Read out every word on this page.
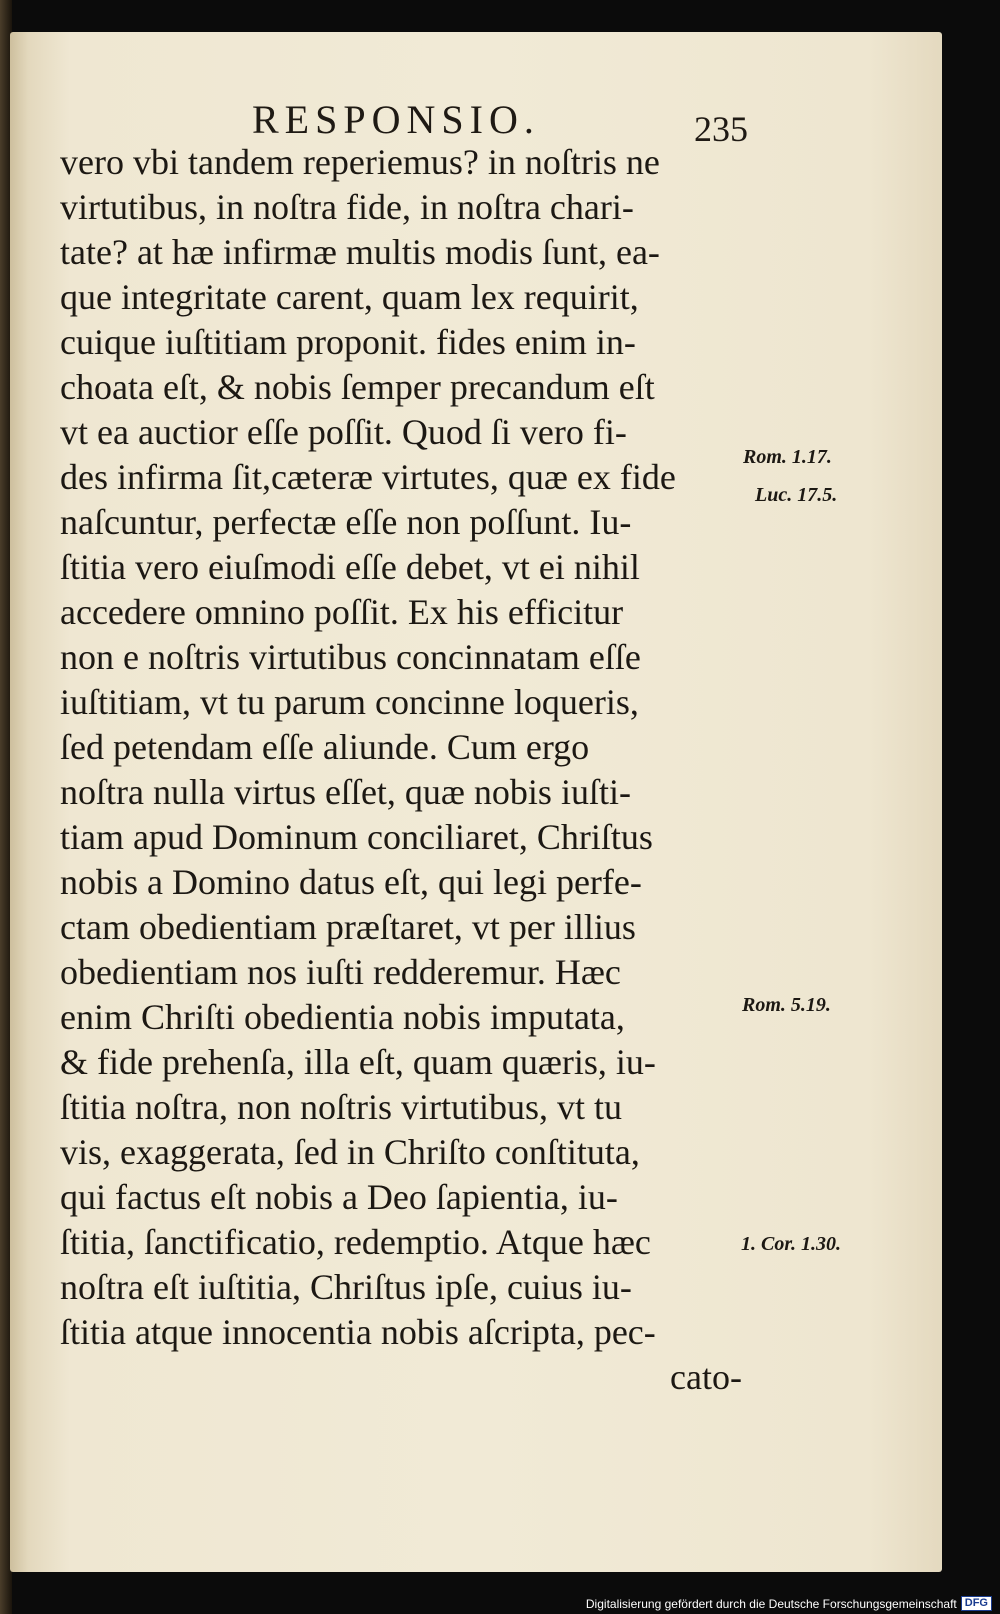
RESPONSIO.	235
vero vbi tandem reperiemus? in noſtris ne
virtutibus, in noſtra fide, in noſtra chari-
tate? at hæ infirmæ multis modis ſunt, ea-
que integritate carent, quam lex requirit,
cuique iuſtitiam proponit. fides enim in-
choata eſt, & nobis ſemper precandum eſt
vt ea auctior eſſe poſſit. Quod ſi vero fi-
des infirma ſit,cæteræ virtutes, quæ ex fide
naſcuntur, perfectæ eſſe non poſſunt. Iu-
ſtitia vero eiuſmodi eſſe debet, vt ei nihil
accedere omnino poſſit. Ex his efficitur
non e noſtris virtutibus concinnatam eſſe
iuſtitiam, vt tu parum concinne loqueris,
ſed petendam eſſe aliunde. Cum ergo
noſtra nulla virtus eſſet, quæ nobis iuſti-
tiam apud Dominum conciliaret, Chriſtus
nobis a Domino datus eſt, qui legi perfe-
ctam obedientiam præſtaret, vt per illius
obedientiam nos iuſti redderemur. Hæc
enim Chriſti obedientia nobis imputata,
& fide prehenſa, illa eſt, quam quæris, iu-
ſtitia noſtra, non noſtris virtutibus, vt tu
vis, exaggerata, ſed in Chriſto conſtituta,
qui factus eſt nobis a Deo ſapientia, iu-
ſtitia, ſanctificatio, redemptio. Atque hæc
noſtra eſt iuſtitia, Chriſtus ipſe, cuius iu-
ſtitia atque innocentia nobis aſcripta, pec-
cato-
Rom. 1.17.
Luc. 17.5.
Rom. 5.19.
1. Cor. 1.30.
Digitalisierung gefördert durch die Deutsche Forschungsgemeinschaft DFG
